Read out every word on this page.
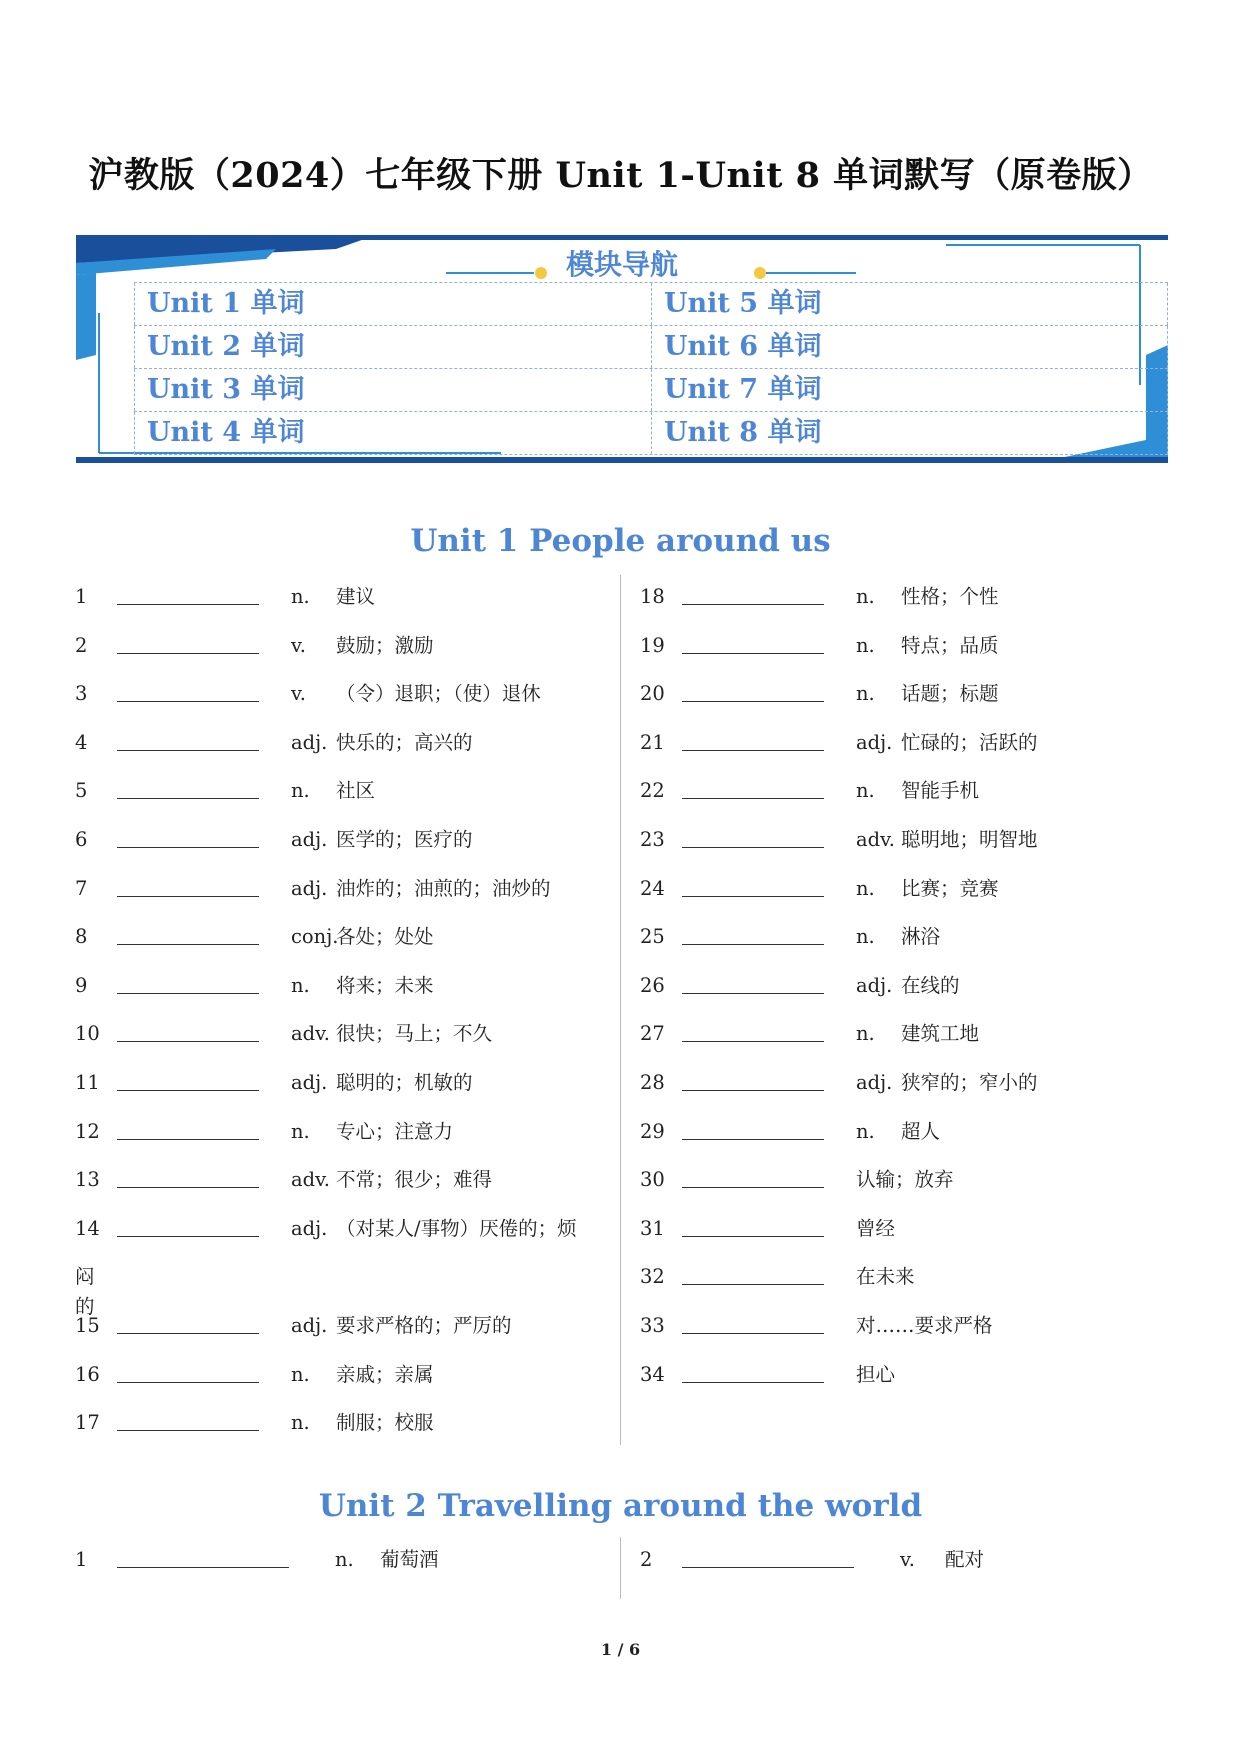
沪教版（2024）七年级下册 Unit 1-Unit 8 单词默写（原卷版）
模块导航
Unit 1 单词	Unit 5 单词
Unit 2 单词	Unit 6 单词
Unit 3 单词	Unit 7 单词
Unit 4 单词	Unit 8 单词
Unit 1 People around us
1	n. 建议
2	v. 鼓励；激励
3	v. （令）退职；（使）退休
4	adj. 快乐的；高兴的
5	n. 社区
6	adj. 医学的；医疗的
7	adj. 油炸的；油煎的；油炒的
8	conj.
各处；处处
9	n. 将来；未来
10	adv. 很快；马上；不久
11	adj. 聪明的；机敏的
12	n. 专心；注意力
13	adv. 不常；很少；难得
14	adj. （对某人/事物）厌倦的；烦
闷的
15	adj. 要求严格的；严厉的
16	n. 亲戚；亲属
17	n. 制服；校服
18	n. 性格；个性
19	n. 特点；品质
20	n. 话题；标题
21	adj. 忙碌的；活跃的
22	n. 智能手机
23	adv. 聪明地；明智地
24	n. 比赛；竞赛
25	n. 淋浴
26	adj. 在线的
27	n. 建筑工地
28	adj. 狭窄的；窄小的
29	n. 超人
30	认输；放弃
31	曾经
32	在未来
33	对……要求严格
34	担心
Unit 2 Travelling around the world
1	n. 葡萄酒	2	v. 配对
1 / 6
